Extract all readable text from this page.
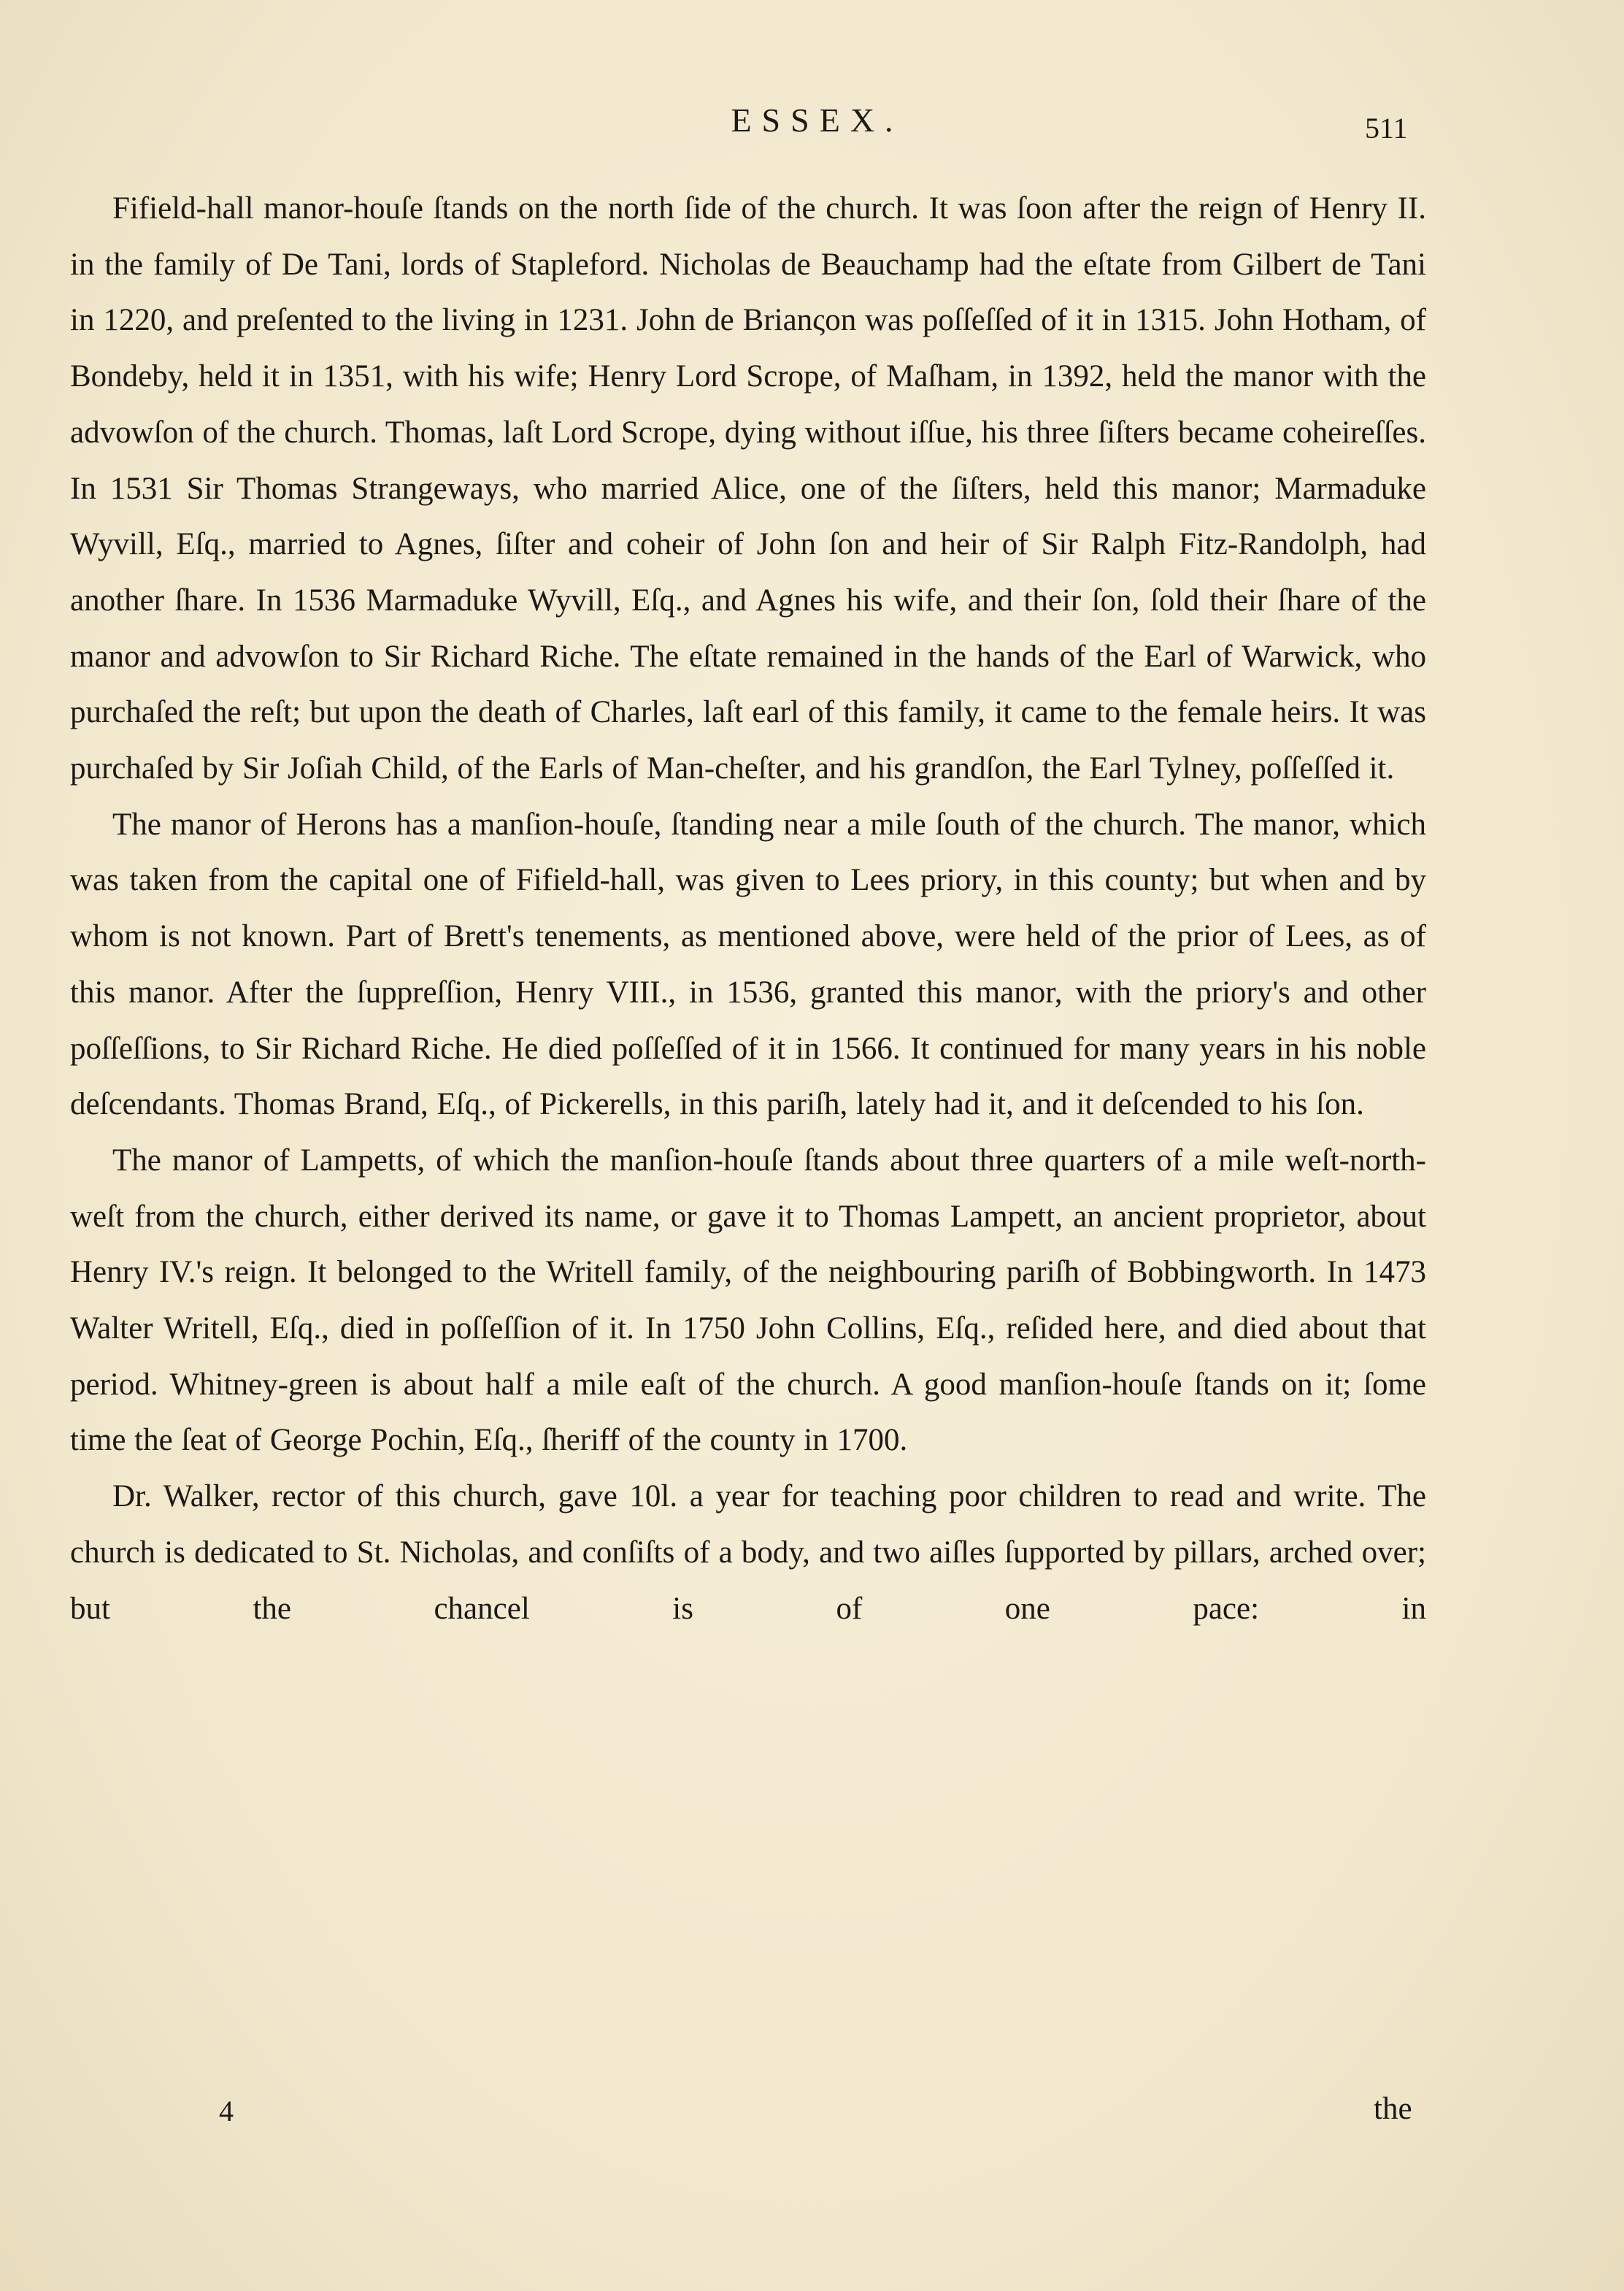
ESSEX.	511

Fifield-hall manor-houſe ſtands on the north ſide of the church. It was ſoon after the reign of Henry II. in the family of De Tani, lords of Stapleford. Nicholas de Beauchamp had the eſtate from Gilbert de Tani in 1220, and preſented to the living in 1231. John de Brianςon was poſſeſſed of it in 1315. John Hotham, of Bondeby, held it in 1351, with his wife; Henry Lord Scrope, of Maſham, in 1392, held the manor with the advowſon of the church. Thomas, laſt Lord Scrope, dying without iſſue, his three ſiſters became coheireſſes. In 1531 Sir Thomas Strangeways, who married Alice, one of the ſiſters, held this manor; Marmaduke Wyvill, Eſq., married to Agnes, ſiſter and coheir of John ſon and heir of Sir Ralph Fitz-Randolph, had another ſhare. In 1536 Marmaduke Wyvill, Eſq., and Agnes his wife, and their ſon, ſold their ſhare of the manor and advowſon to Sir Richard Riche. The eſtate remained in the hands of the Earl of Warwick, who purchaſed the reſt; but upon the death of Charles, laſt earl of this family, it came to the female heirs. It was purchaſed by Sir Joſiah Child, of the Earls of Man-cheſter, and his grandſon, the Earl Tylney, poſſeſſed it.

The manor of Herons has a manſion-houſe, ſtanding near a mile ſouth of the church. The manor, which was taken from the capital one of Fifield-hall, was given to Lees priory, in this county; but when and by whom is not known. Part of Brett's tenements, as mentioned above, were held of the prior of Lees, as of this manor. After the ſuppreſſion, Henry VIII., in 1536, granted this manor, with the priory's and other poſſeſſions, to Sir Richard Riche. He died poſſeſſed of it in 1566. It continued for many years in his noble deſcendants. Thomas Brand, Eſq., of Pickerells, in this pariſh, lately had it, and it deſcended to his ſon.

The manor of Lampetts, of which the manſion-houſe ſtands about three quarters of a mile weſt-north-weſt from the church, either derived its name, or gave it to Thomas Lampett, an ancient proprietor, about Henry IV.'s reign. It belonged to the Writell family, of the neighbouring pariſh of Bobbingworth. In 1473 Walter Writell, Eſq., died in poſſeſſion of it. In 1750 John Collins, Eſq., reſided here, and died about that period. Whitney-green is about half a mile eaſt of the church. A good manſion-houſe ſtands on it; ſome time the ſeat of George Pochin, Eſq., ſheriff of the county in 1700.

Dr. Walker, rector of this church, gave 10l. a year for teaching poor children to read and write. The church is dedicated to St. Nicholas, and conſiſts of a body, and two aiſles ſupported by pillars, arched over; but the chancel is of one pace: in

4	the
